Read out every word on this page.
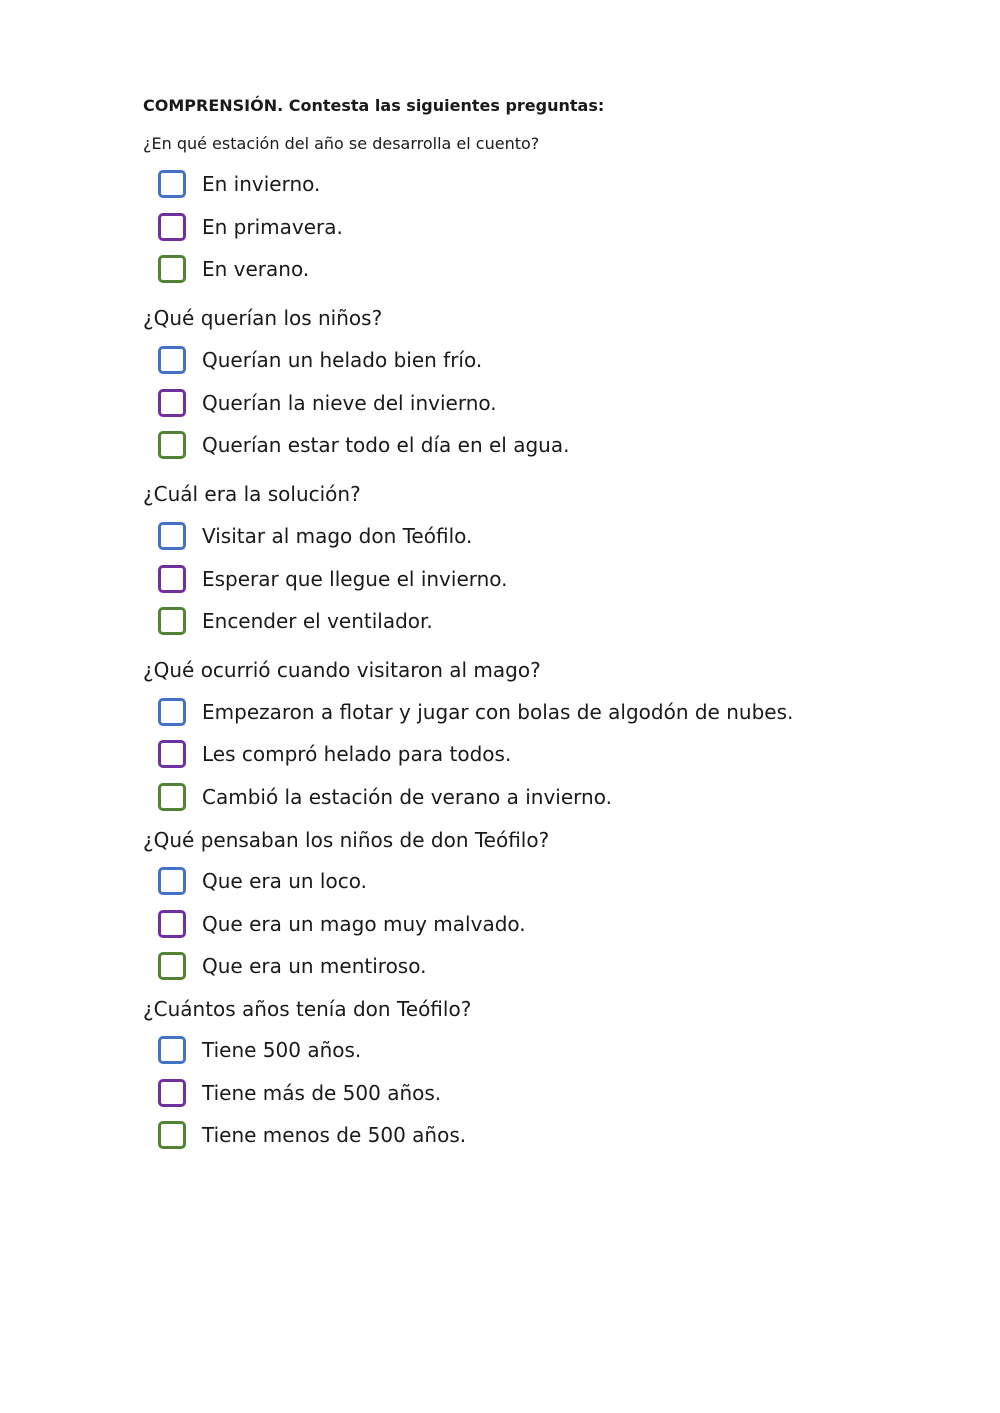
COMPRENSIÓN. Contesta las siguientes preguntas:
¿En qué estación del año se desarrolla el cuento?
En invierno.
En primavera.
En verano.
¿Qué querían los niños?
Querían un helado bien frío.
Querían la nieve del invierno.
Querían estar todo el día en el agua.
¿Cuál era la solución?
Visitar al mago don Teófilo.
Esperar que llegue el invierno.
Encender el ventilador.
¿Qué ocurrió cuando visitaron al mago?
Empezaron a flotar y jugar con bolas de algodón de nubes.
Les compró helado para todos.
Cambió la estación de verano a invierno.
¿Qué pensaban los niños de don Teófilo?
Que era un loco.
Que era un mago muy malvado.
Que era un mentiroso.
¿Cuántos años tenía don Teófilo?
Tiene 500 años.
Tiene más de 500 años.
Tiene menos de 500 años.
